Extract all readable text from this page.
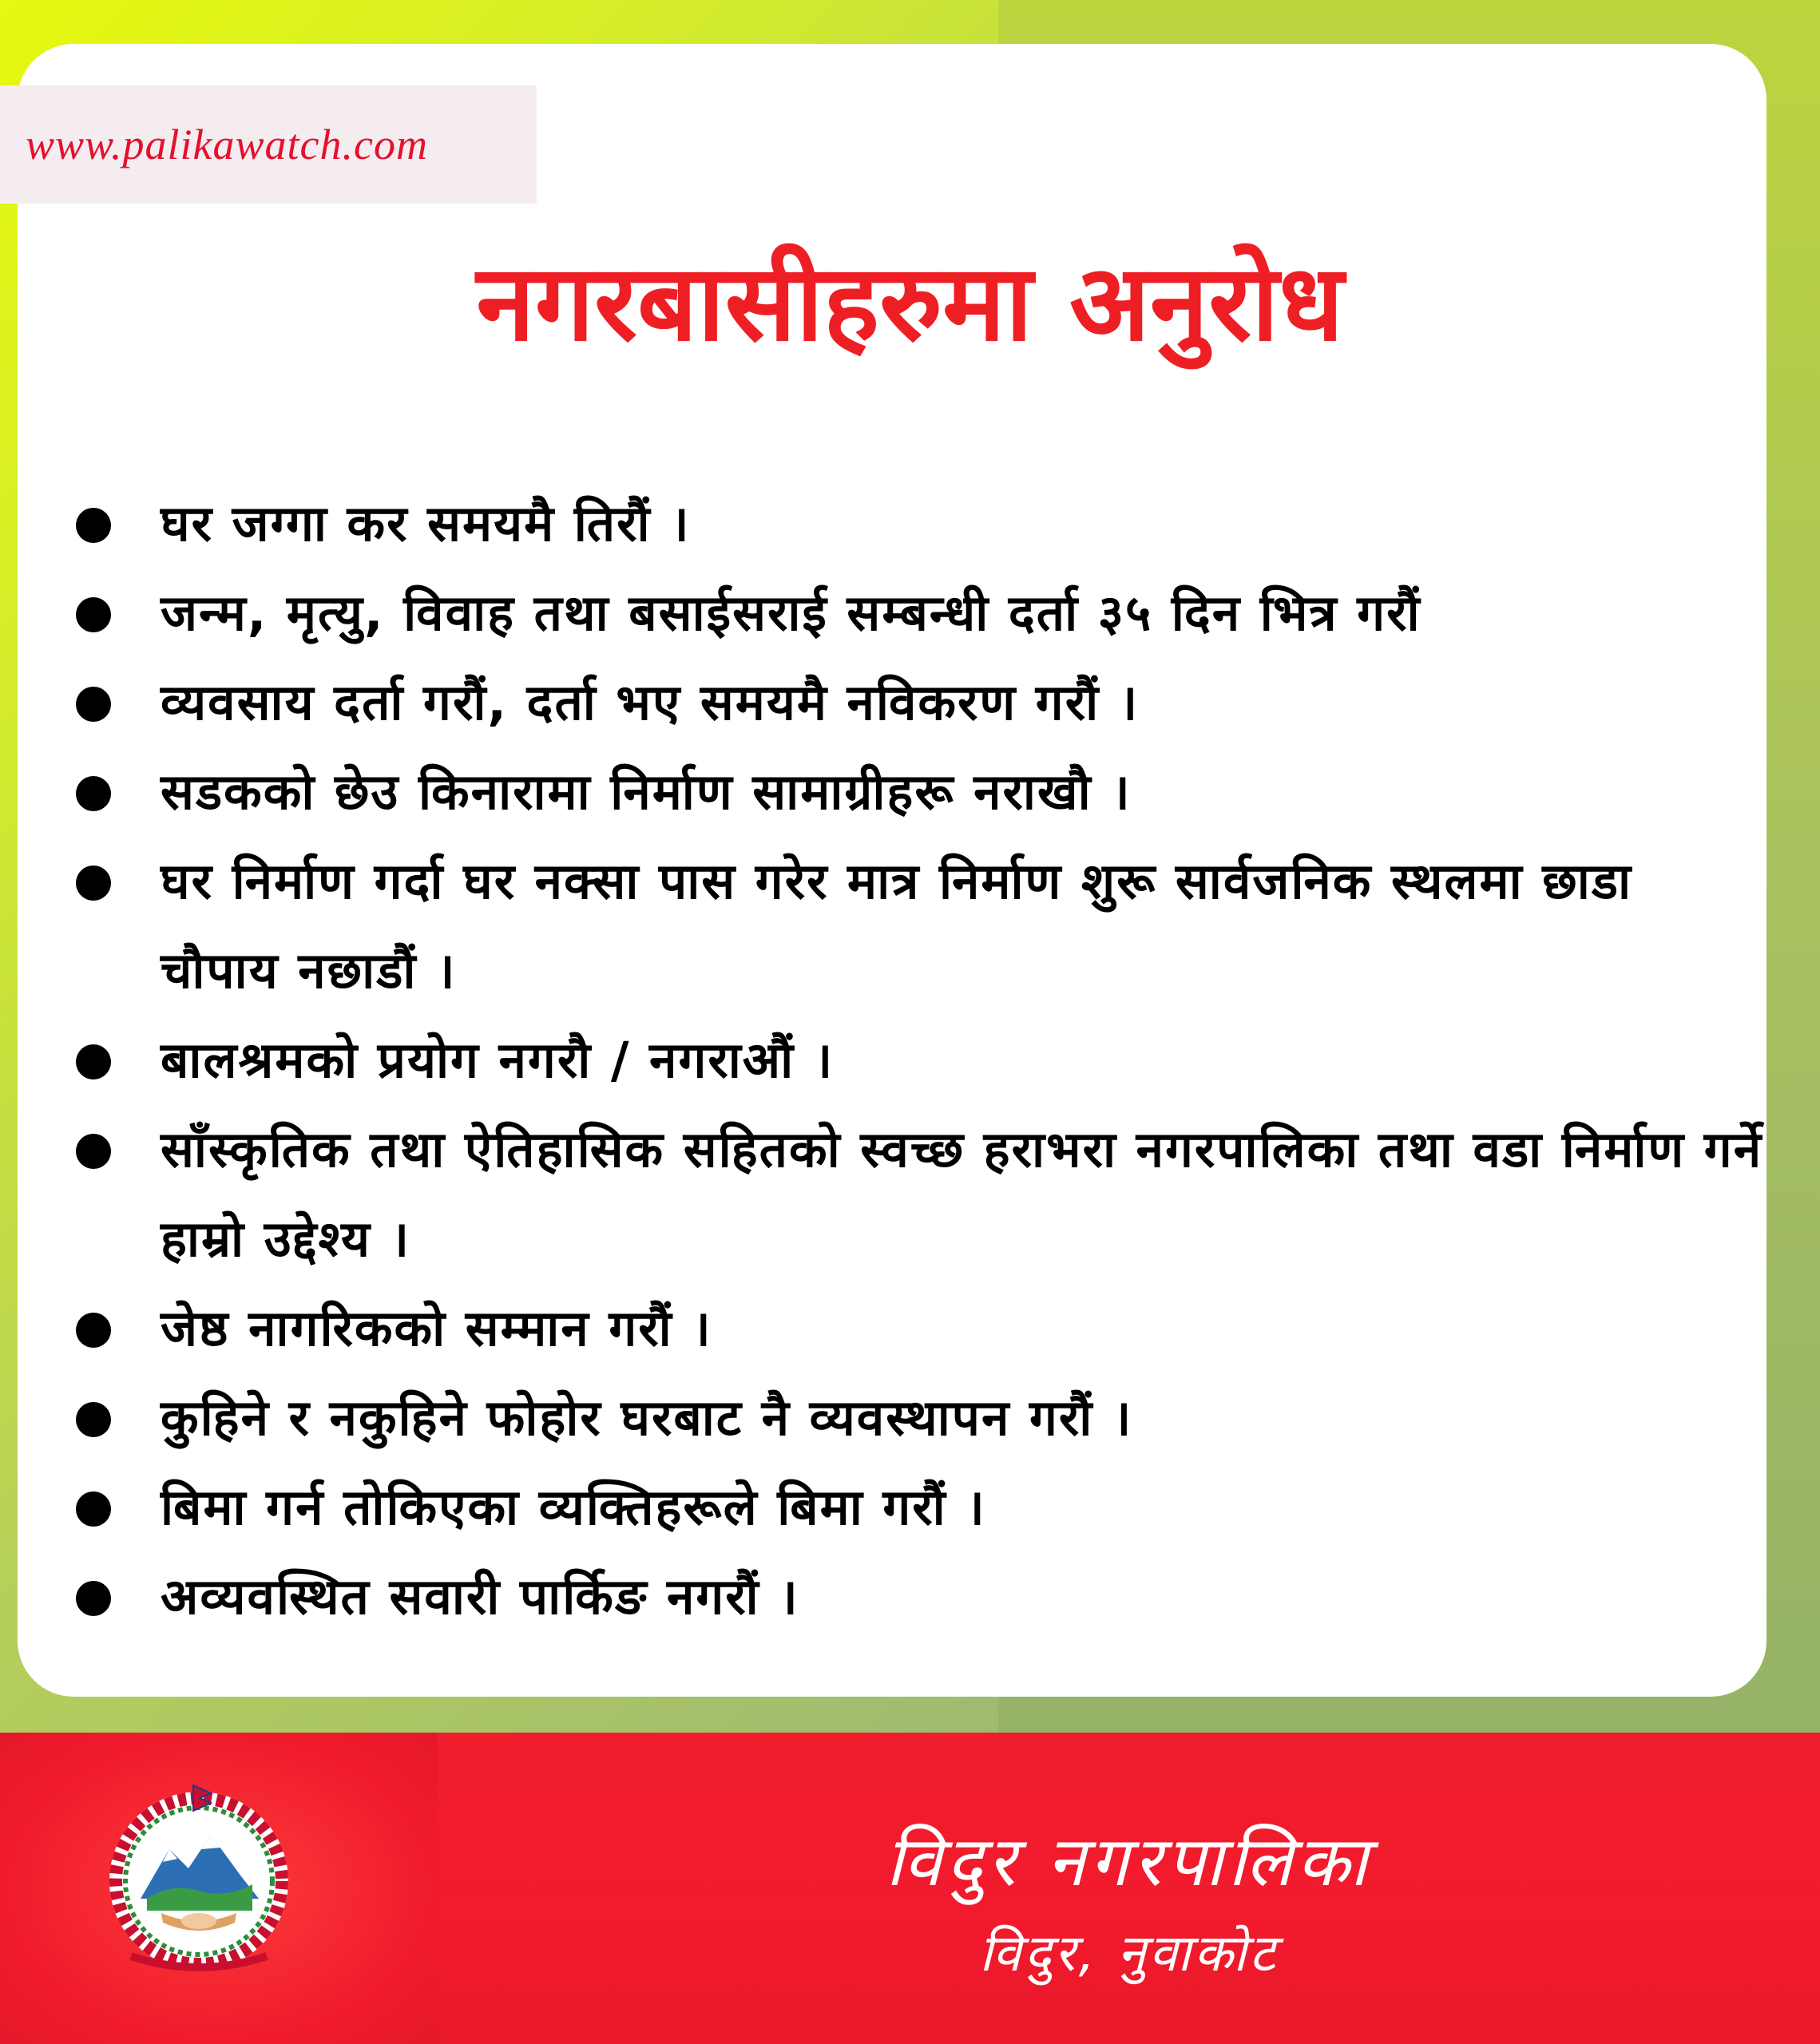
www.palikawatch.com
नगरबासीहरुमा अनुरोध
घर जग्गा कर समयमै तिरौं ।
जन्म, मृत्यु, विवाह तथा बसाईसराई सम्बन्धी दर्ता ३५ दिन भित्र गरौं
व्यवसाय दर्ता गरौं, दर्ता भए समयमै नविकरण गरौं ।
सडकको छेउ किनारामा निर्माण सामाग्रीहरू नराखौ ।
घर निर्माण गर्दा घर नक्सा पास गरेर मात्र निर्माण शुरू सार्वजनिक स्थलमा छाडा चौपाय नछाडौं ।
बालश्रमको प्रयोग नगरौ / नगराऔं ।
साँस्कृतिक तथा ऐतिहासिक सहितको स्वच्छ हराभरा नगरपालिका तथा वडा निर्माण गर्ने हाम्रो उद्देश्य ।
जेष्ठ नागरिकको सम्मान गरौं ।
कुहिने र नकुहिने फोहोर घरबाट नै व्यवस्थापन गरौं ।
बिमा गर्न तोकिएका व्यक्तिहरूले बिमा गरौं ।
अव्यवस्थित सवारी पार्किङ नगरौं ।
विदुर नगरपालिका
विदुर, नुवाकोट
